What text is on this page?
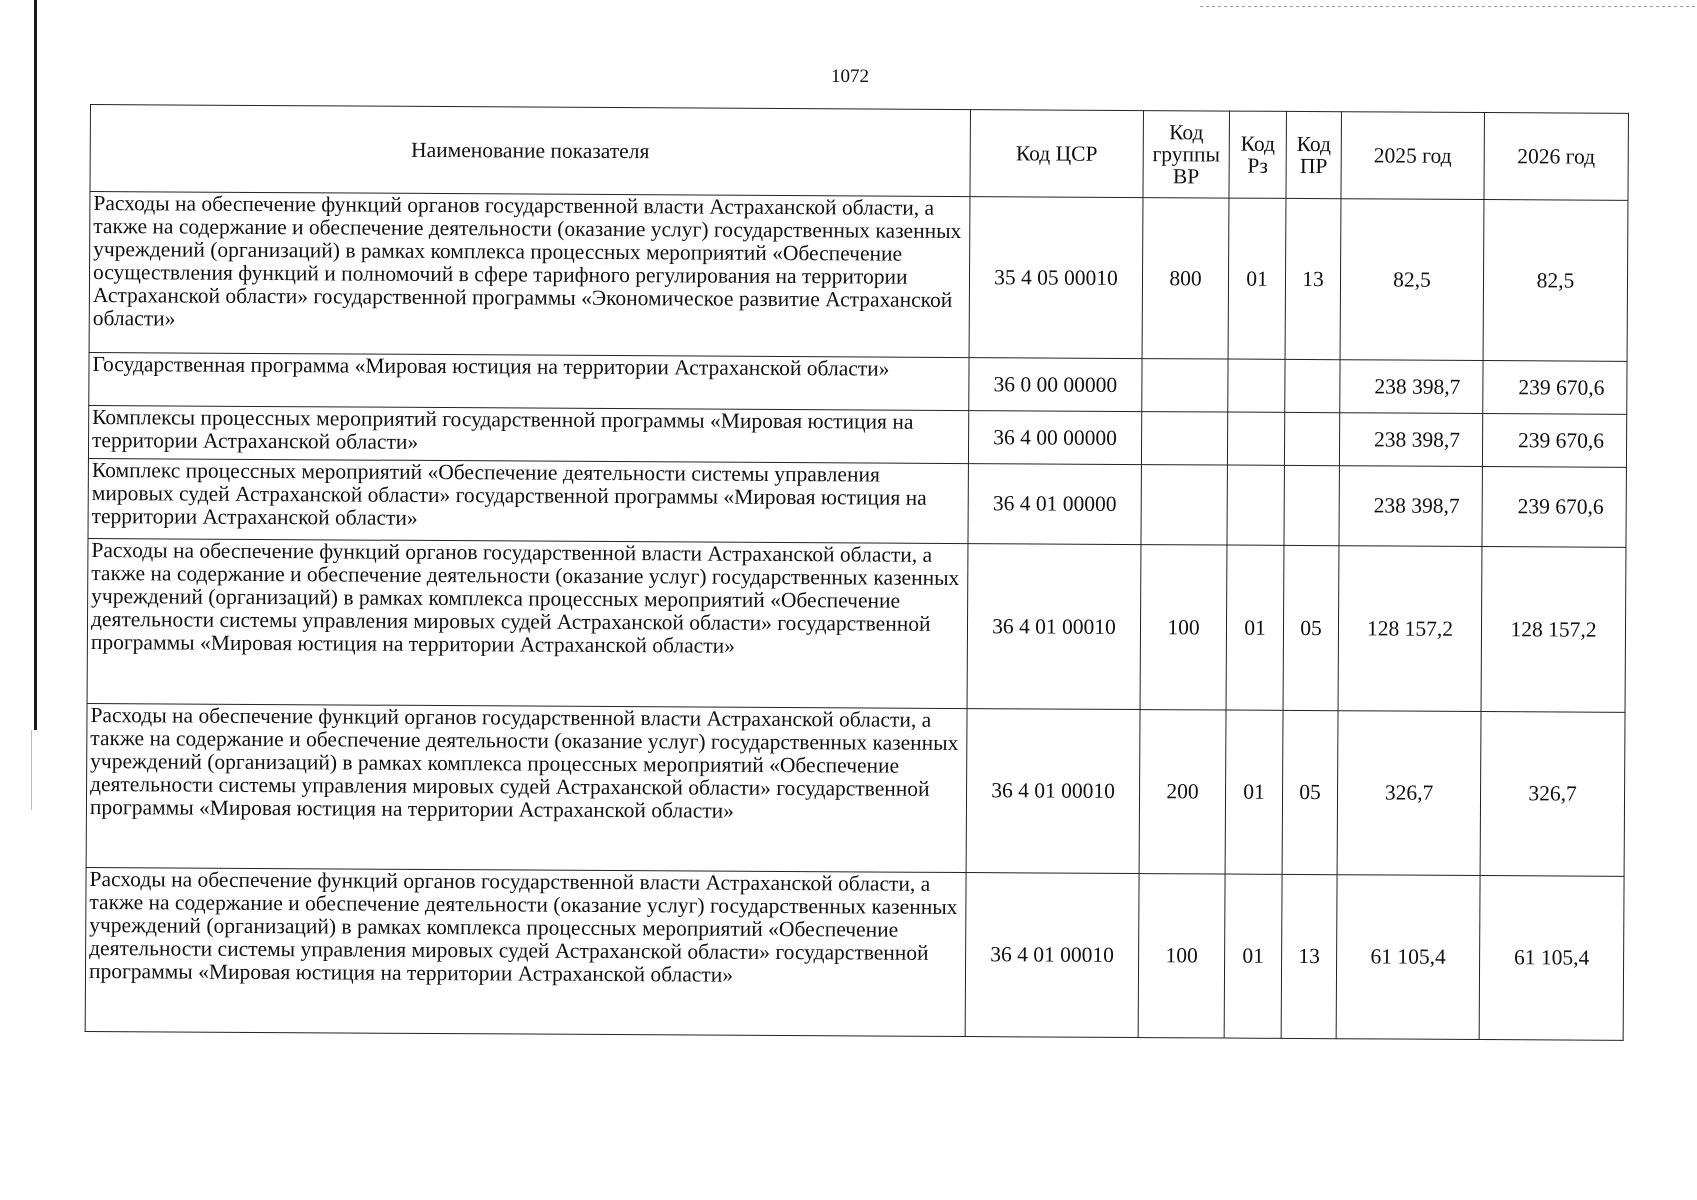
1072
Наименование показателя	Код ЦСР	Код группы ВР	Код Рз	Код ПР	2025 год	2026 год
Расходы на обеспечение функций органов государственной власти Астраханской области, а также на содержание и обеспечение деятельности (оказание услуг) государственных казенных учреждений (организаций) в рамках комплекса процессных мероприятий «Обеспечение осуществления функций и полномочий в сфере тарифного регулирования на территории Астраханской области» государственной программы «Экономическое развитие Астраханской области»	35 4 05 00010	800	01	13	82,5	82,5
Государственная программа «Мировая юстиция на территории Астраханской области»	36 0 00 00000				238 398,7	239 670,6
Комплексы процессных мероприятий государственной программы «Мировая юстиция на территории Астраханской области»	36 4 00 00000				238 398,7	239 670,6
Комплекс процессных мероприятий «Обеспечение деятельности системы управления мировых судей Астраханской области» государственной программы «Мировая юстиция на территории Астраханской области»	36 4 01 00000				238 398,7	239 670,6
Расходы на обеспечение функций органов государственной власти Астраханской области, а также на содержание и обеспечение деятельности (оказание услуг) государственных казенных учреждений (организаций) в рамках комплекса процессных мероприятий «Обеспечение деятельности системы управления мировых судей Астраханской области» государственной программы «Мировая юстиция на территории Астраханской области»	36 4 01 00010	100	01	05	128 157,2	128 157,2
Расходы на обеспечение функций органов государственной власти Астраханской области, а также на содержание и обеспечение деятельности (оказание услуг) государственных казенных учреждений (организаций) в рамках комплекса процессных мероприятий «Обеспечение деятельности системы управления мировых судей Астраханской области» государственной программы «Мировая юстиция на территории Астраханской области»	36 4 01 00010	200	01	05	326,7	326,7
Расходы на обеспечение функций органов государственной власти Астраханской области, а также на содержание и обеспечение деятельности (оказание услуг) государственных казенных учреждений (организаций) в рамках комплекса процессных мероприятий «Обеспечение деятельности системы управления мировых судей Астраханской области» государственной программы «Мировая юстиция на территории Астраханской области»	36 4 01 00010	100	01	13	61 105,4	61 105,4
